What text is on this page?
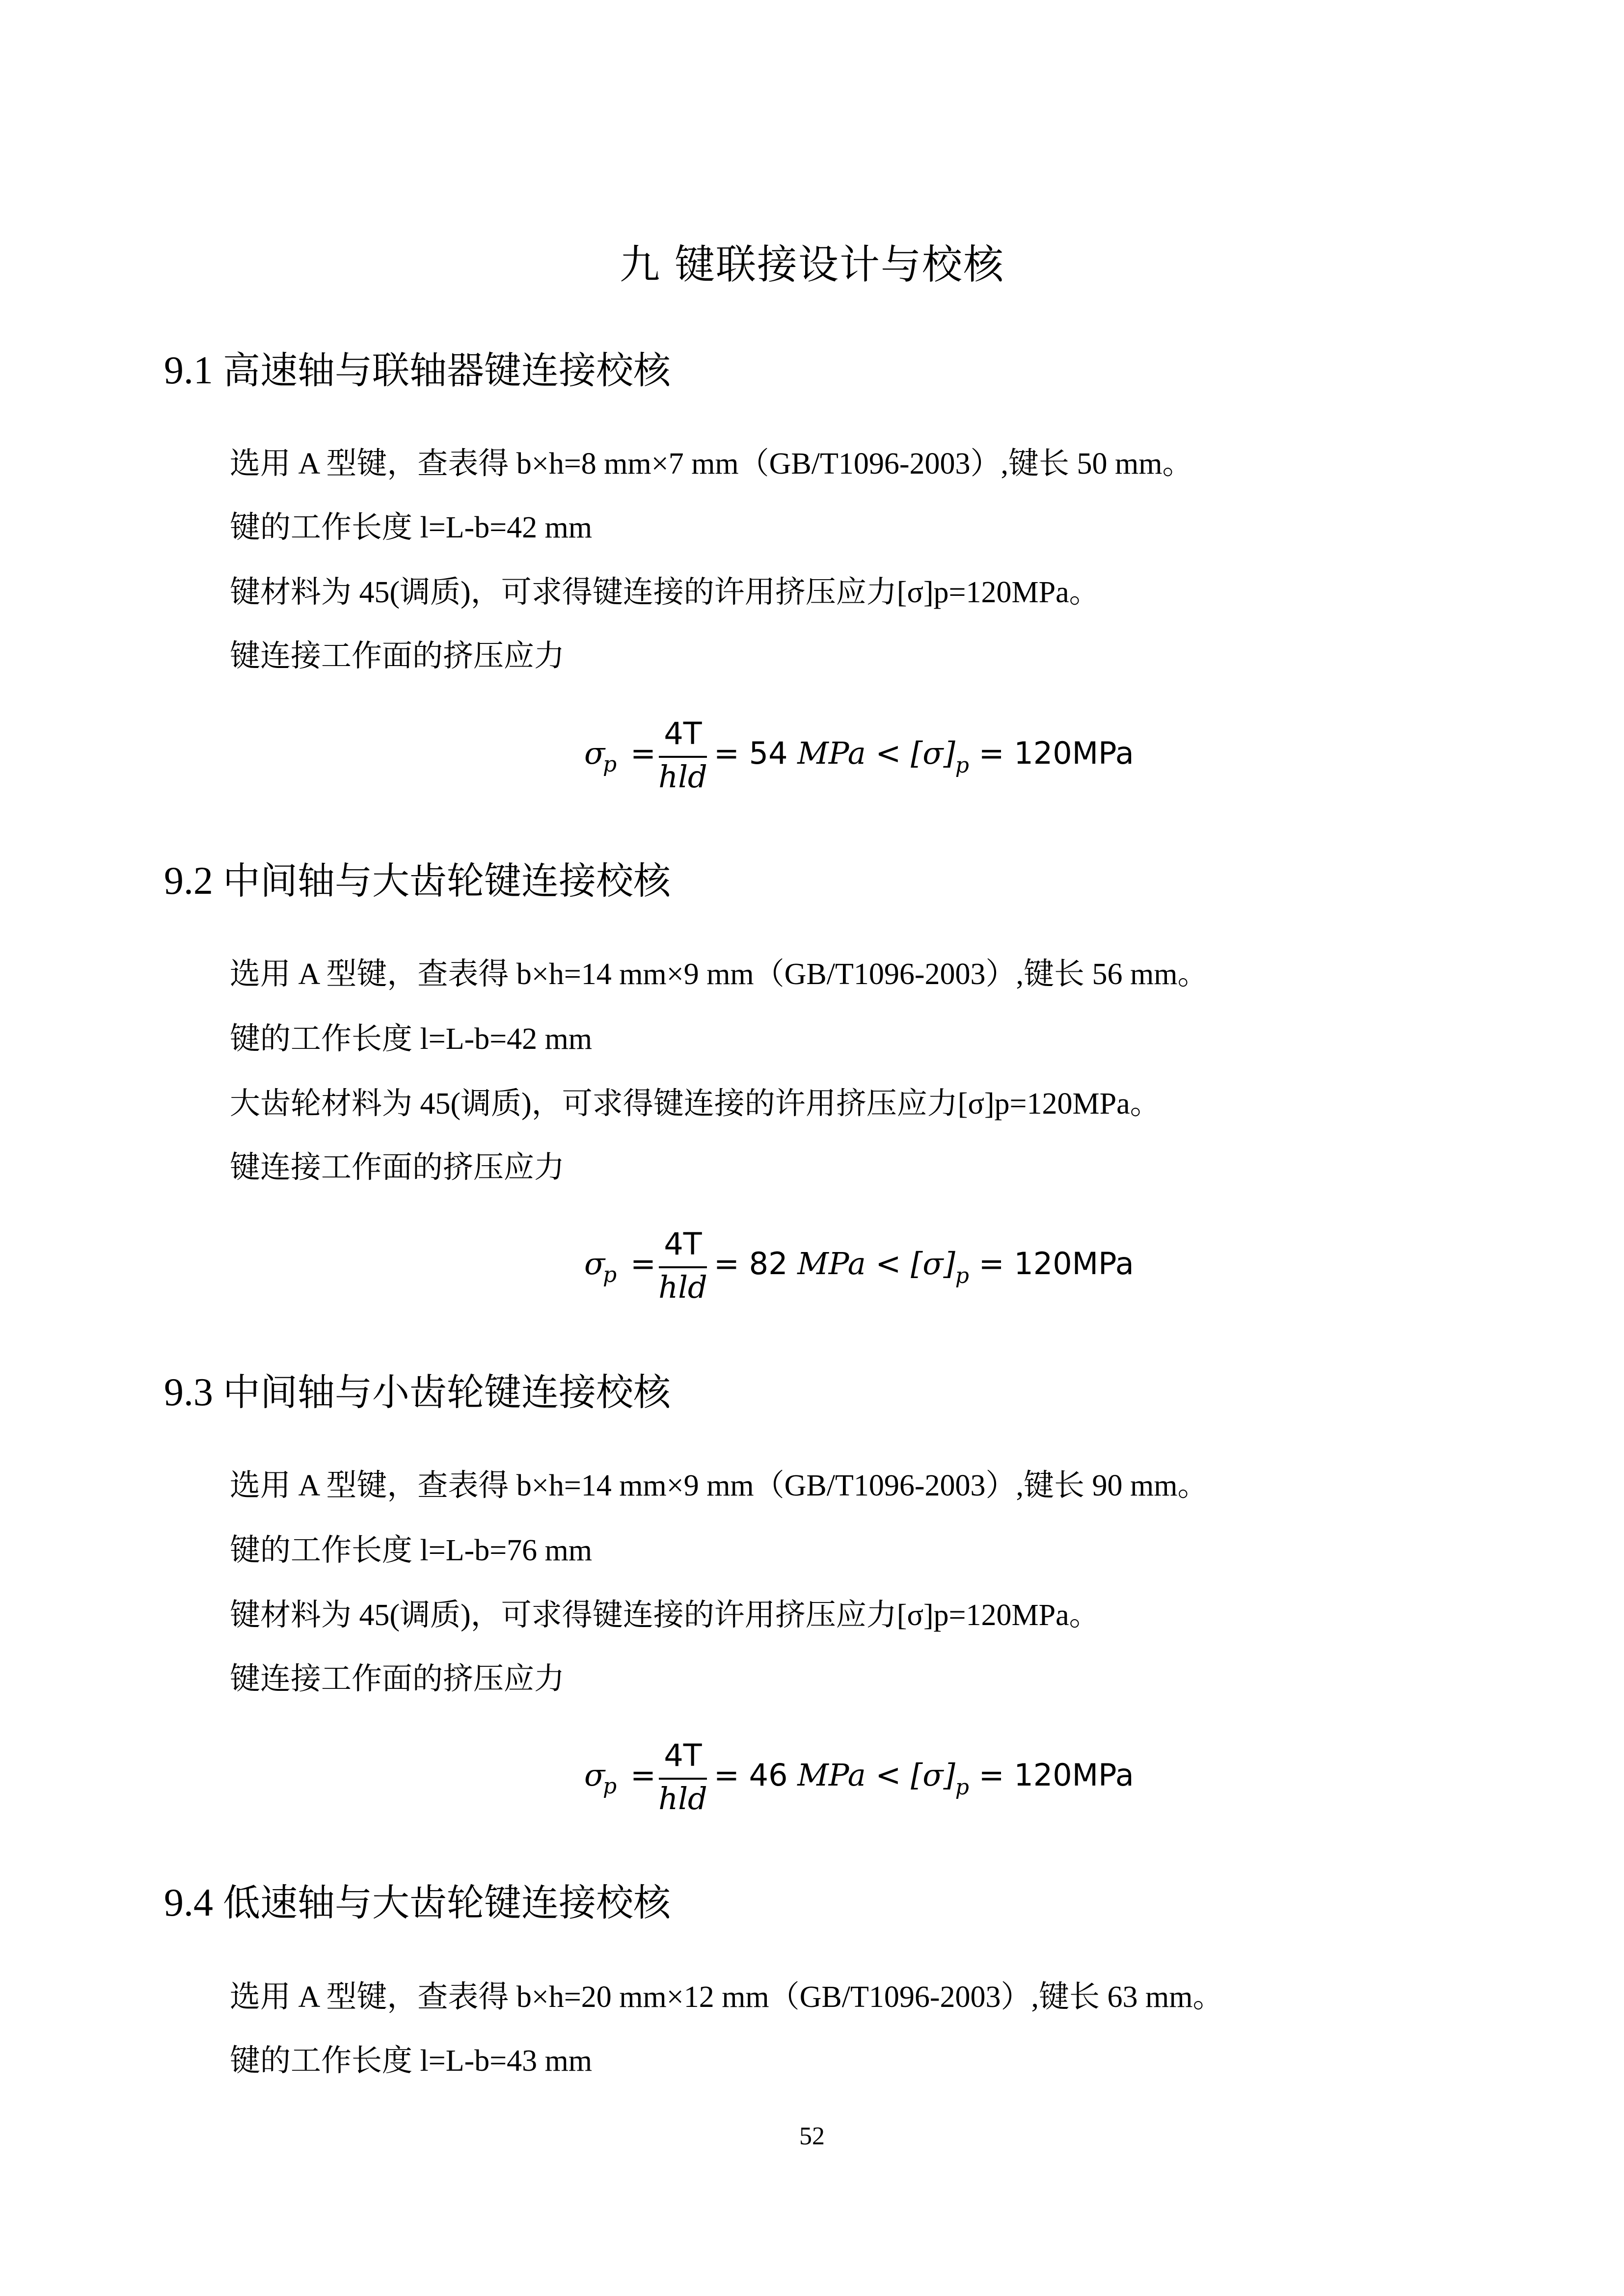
九 键联接设计与校核
9.1 高速轴与联轴器键连接校核
选用 A 型键，查表得 b×h=8 mm×7 mm（GB/T1096-2003）,键长 50 mm。
键的工作长度 l=L-b=42 mm
键材料为 45(调质)，可求得键连接的许用挤压应力[σ]p=120MPa。
键连接工作面的挤压应力
σ
p =
4T
hld
= 54 MPa < $[\sigma]_p = 120MPa$
9.2 中间轴与大齿轮键连接校核
选用 A 型键，查表得 b×h=14 mm×9 mm（GB/T1096-2003）,键长 56 mm。
键的工作长度 l=L-b=42 mm
大齿轮材料为 45(调质)，可求得键连接的许用挤压应力[σ]p=120MPa。
键连接工作面的挤压应力
σ
p =
4T
hld
= 82 MPa < $[\sigma]_p = 120MPa$
9.3 中间轴与小齿轮键连接校核
选用 A 型键，查表得 b×h=14 mm×9 mm（GB/T1096-2003）,键长 90 mm。
键的工作长度 l=L-b=76 mm
键材料为 45(调质)，可求得键连接的许用挤压应力[σ]p=120MPa。
键连接工作面的挤压应力
σ
p =
4T
hld
= 46 MPa < $[\sigma]_p = 120MPa$
9.4 低速轴与大齿轮键连接校核
选用 A 型键，查表得 b×h=20 mm×12 mm（GB/T1096-2003）,键长 63 mm。
键的工作长度 l=L-b=43 mm
52
